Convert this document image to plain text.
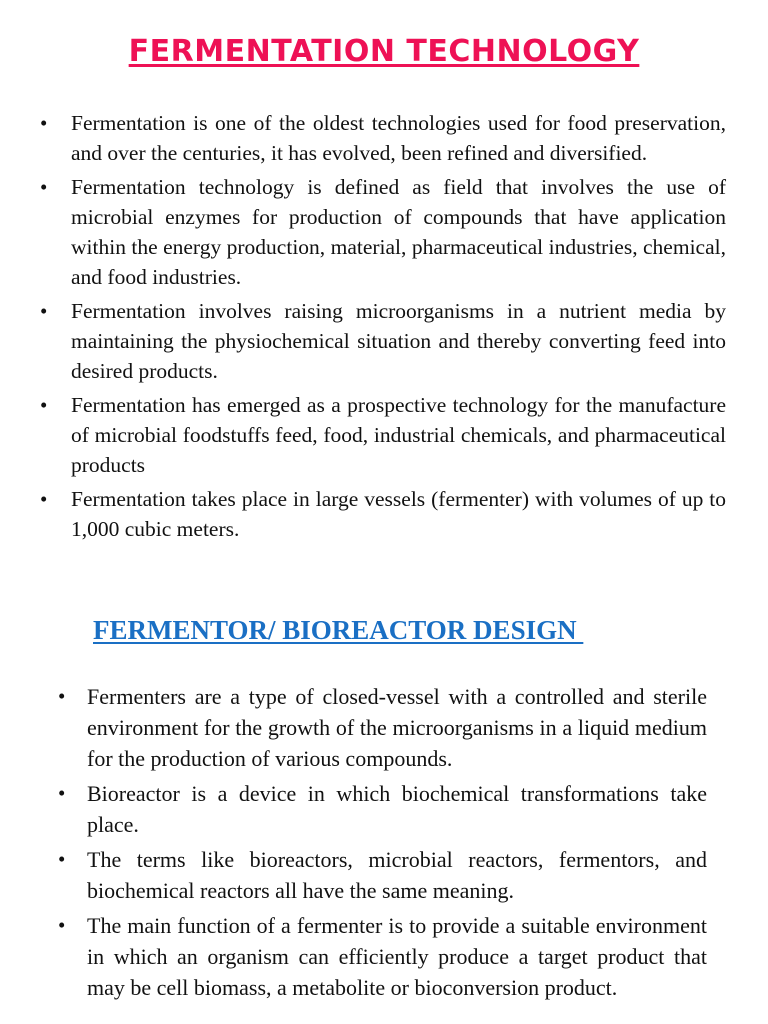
FERMENTATION TECHNOLOGY
• Fermentation is one of the oldest technologies used for food preservation, and over the centuries, it has evolved, been refined and diversified.
• Fermentation technology is defined as field that involves the use of microbial enzymes for production of compounds that have application within the energy production, material, pharmaceutical industries, chemical, and food industries.
• Fermentation involves raising microorganisms in a nutrient media by maintaining the physiochemical situation and thereby converting feed into desired products.
• Fermentation has emerged as a prospective technology for the manufacture of microbial foodstuffs feed, food, industrial chemicals, and pharmaceutical products
• Fermentation takes place in large vessels (fermenter) with volumes of up to 1,000 cubic meters.
FERMENTOR/ BIOREACTOR DESIGN
• Fermenters are a type of closed-vessel with a controlled and sterile environment for the growth of the microorganisms in a liquid medium for the production of various compounds.
• Bioreactor is a device in which biochemical transformations take place.
• The terms like bioreactors, microbial reactors, fermentors, and biochemical reactors all have the same meaning.
• The main function of a fermenter is to provide a suitable environment in which an organism can efficiently produce a target product that may be cell biomass, a metabolite or bioconversion product.
